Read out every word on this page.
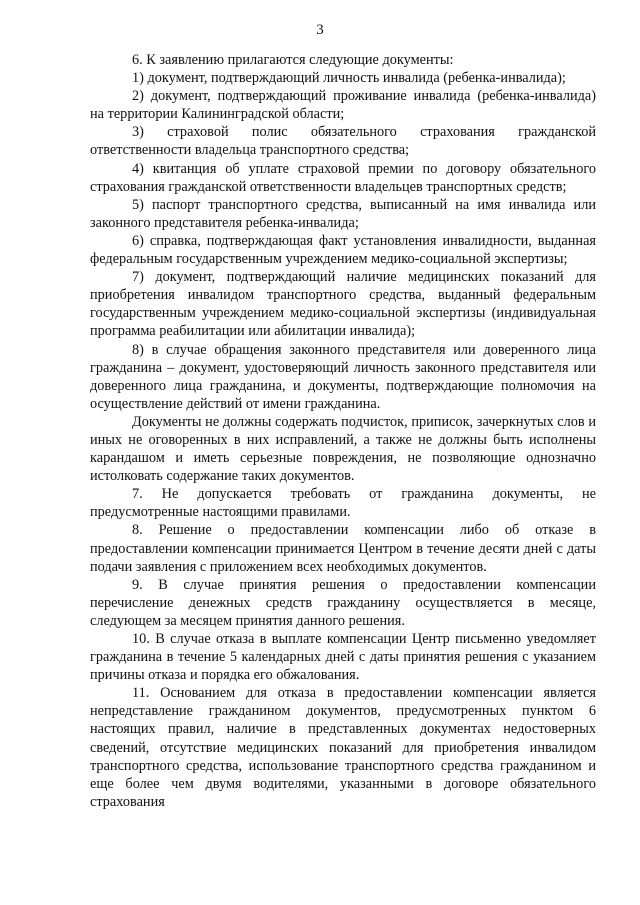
3

6. К заявлению прилагаются следующие документы:

1) документ, подтверждающий личность инвалида (ребенка-инвалида);

2) документ, подтверждающий проживание инвалида (ребенка-инвалида) на территории Калининградской области;

3) страховой полис обязательного страхования гражданской ответственности владельца транспортного средства;

4) квитанция об уплате страховой премии по договору обязательного страхования гражданской ответственности владельцев транспортных средств;

5) паспорт транспортного средства, выписанный на имя инвалида или законного представителя ребенка-инвалида;

6) справка, подтверждающая факт установления инвалидности, выданная федеральным государственным учреждением медико-социальной экспертизы;

7) документ, подтверждающий наличие медицинских показаний для приобретения инвалидом транспортного средства, выданный федеральным государственным учреждением медико-социальной экспертизы (индивидуальная программа реабилитации или абилитации инвалида);

8) в случае обращения законного представителя или доверенного лица гражданина – документ, удостоверяющий личность законного представителя или доверенного лица гражданина, и документы, подтверждающие полномочия на осуществление действий от имени гражданина.

Документы не должны содержать подчисток, приписок, зачеркнутых слов и иных не оговоренных в них исправлений, а также не должны быть исполнены карандашом и иметь серьезные повреждения, не позволяющие однозначно истолковать содержание таких документов.

7. Не допускается требовать от гражданина документы, не предусмотренные настоящими правилами.

8. Решение о предоставлении компенсации либо об отказе в предоставлении компенсации принимается Центром в течение десяти дней с даты подачи заявления с приложением всех необходимых документов.

9. В случае принятия решения о предоставлении компенсации перечисление денежных средств гражданину осуществляется в месяце, следующем за месяцем принятия данного решения.

10. В случае отказа в выплате компенсации Центр письменно уведомляет гражданина в течение 5 календарных дней с даты принятия решения с указанием причины отказа и порядка его обжалования.

11. Основанием для отказа в предоставлении компенсации является непредставление гражданином документов, предусмотренных пунктом 6 настоящих правил, наличие в представленных документах недостоверных сведений, отсутствие медицинских показаний для приобретения инвалидом транспортного средства, использование транспортного средства гражданином и еще более чем двумя водителями, указанными в договоре обязательного страхования
